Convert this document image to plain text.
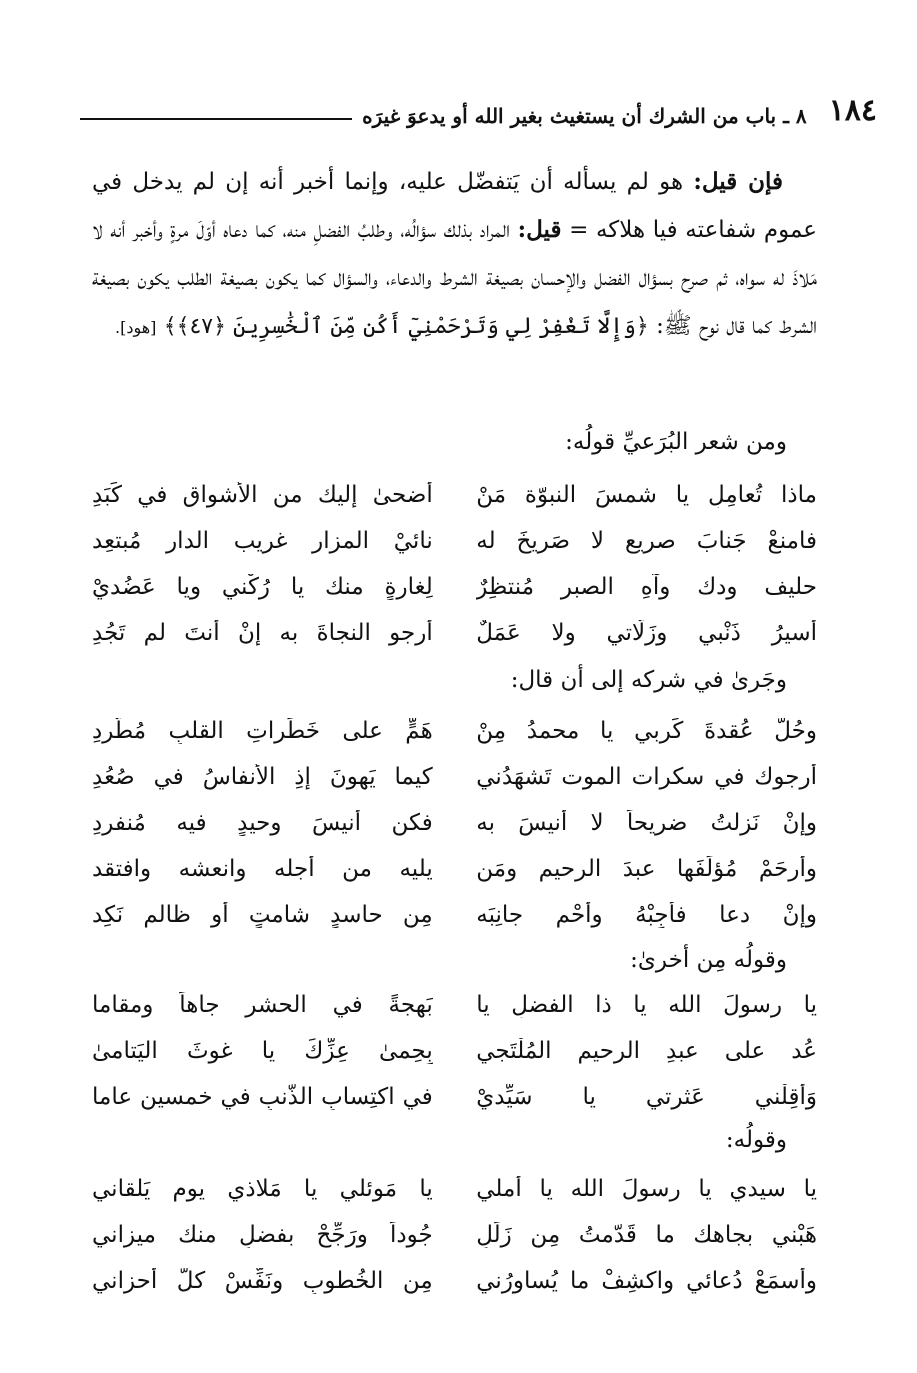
١٨٤
٨ ـ باب من الشرك أن يستغيث بغير الله أو يدعوَ غيرَه

فإن قيل: هو لم يسأله أن يَتفضّل عليه، وإنما أخبر أنه إن لم يدخل في عموم شفاعته فيا هلاكه = قيل: المراد بذلك سؤالُه، وطلبُ الفضلِ منه، كما دعاه أوّلَ مرةٍ وأخبر أنه لا مَلاذَ له سواه، ثم صرح بسؤال الفضل والإحسان بصيغة الشرط والدعاء، والسؤال كما يكون بصيغة الطلب يكون بصيغة الشرط كما قال نوح ﷺ: ﴿وَإِلَّا تَغْفِرْ لِي وَتَرْحَمْنِيٓ أَكُن مِّنَ ٱلْخَٰسِرِينَ ﴿٤٧﴾﴾ [هود].

ومن شعر البُرَعيِّ قولُه:
ماذا تُعامِلِ يا شمسَ النبوّة مَنْ
أضحىٰ إليك من الأشواق في كَبَدِ
فامنعْ جَنابَ صريعٍ لا صَريخَ له
نائيْ المزارِ غريب الدارِ مُبتعِد
حليف ودك وآهِ الصبرِ مُنتظِرٌ
لِغارةٍ منك يا رُكْني ويا عَضُديْ
أسيرُ ذَنْبي وزَلّاتي ولا عَمَلٌ
أرجو النجاةَ به إنْ أنتَ لم تَجُدِ
وجَرىٰ في شركه إلى أن قال:
وحُلَّ عُقدةَ كَربي يا محمدُ مِنْ
هَمٍّ على خَطَراتِ القلبِ مُطّرِدِ
أرجوك في سكرات الموت تَشهَدُني
كيما يَهونَ إذِ الأنفاسُ في صُعُدِ
وإنْ نَزلتُ ضريحاً لا أنيسَ به
فكن أنيسَ وحيدٍ فيه مُنفرِدِ
وأرحَمْ مُؤلِّفَها عبدَ الرحيم ومَن
يليه من أجله وانعشه وافتقد
وإنْ دعا فأَجِبْهُ وأَحْمِ جانِبَه
مِن حاسدٍ شامتٍ أو ظالمٍ نَكِد
وقولُه مِن أخرىٰ:
يا رسولَ الله يا ذا الفضلِ يا
بَهجةً في الحشرِ جاهاً ومقاما
عُد على عبدِ الرحيم المُلْتَجي
بِحِمىٰ عِزِّكَ يا غوثَ اليَتامىٰ
وَأَقِلْني عَثرتي يا سَيِّديْ
في اكتِسابِ الذَّنبِ في خمسين عاما
وقولُه:
يا سيدي يا رسولَ الله يا أملي
يا مَوئلي يا مَلاذي يوم يَلقاني
هَبْني بجاهك ما قَدّمتُ مِن زَلَلٍ
جُوداً ورَجِّحْ بفضلٍ منك ميزاني
وأسمَعْ دُعائي واكشِفْ ما يُساوِرُني
مِن الخُطوبِ ونَفِّسْ كلَّ أحزاني
